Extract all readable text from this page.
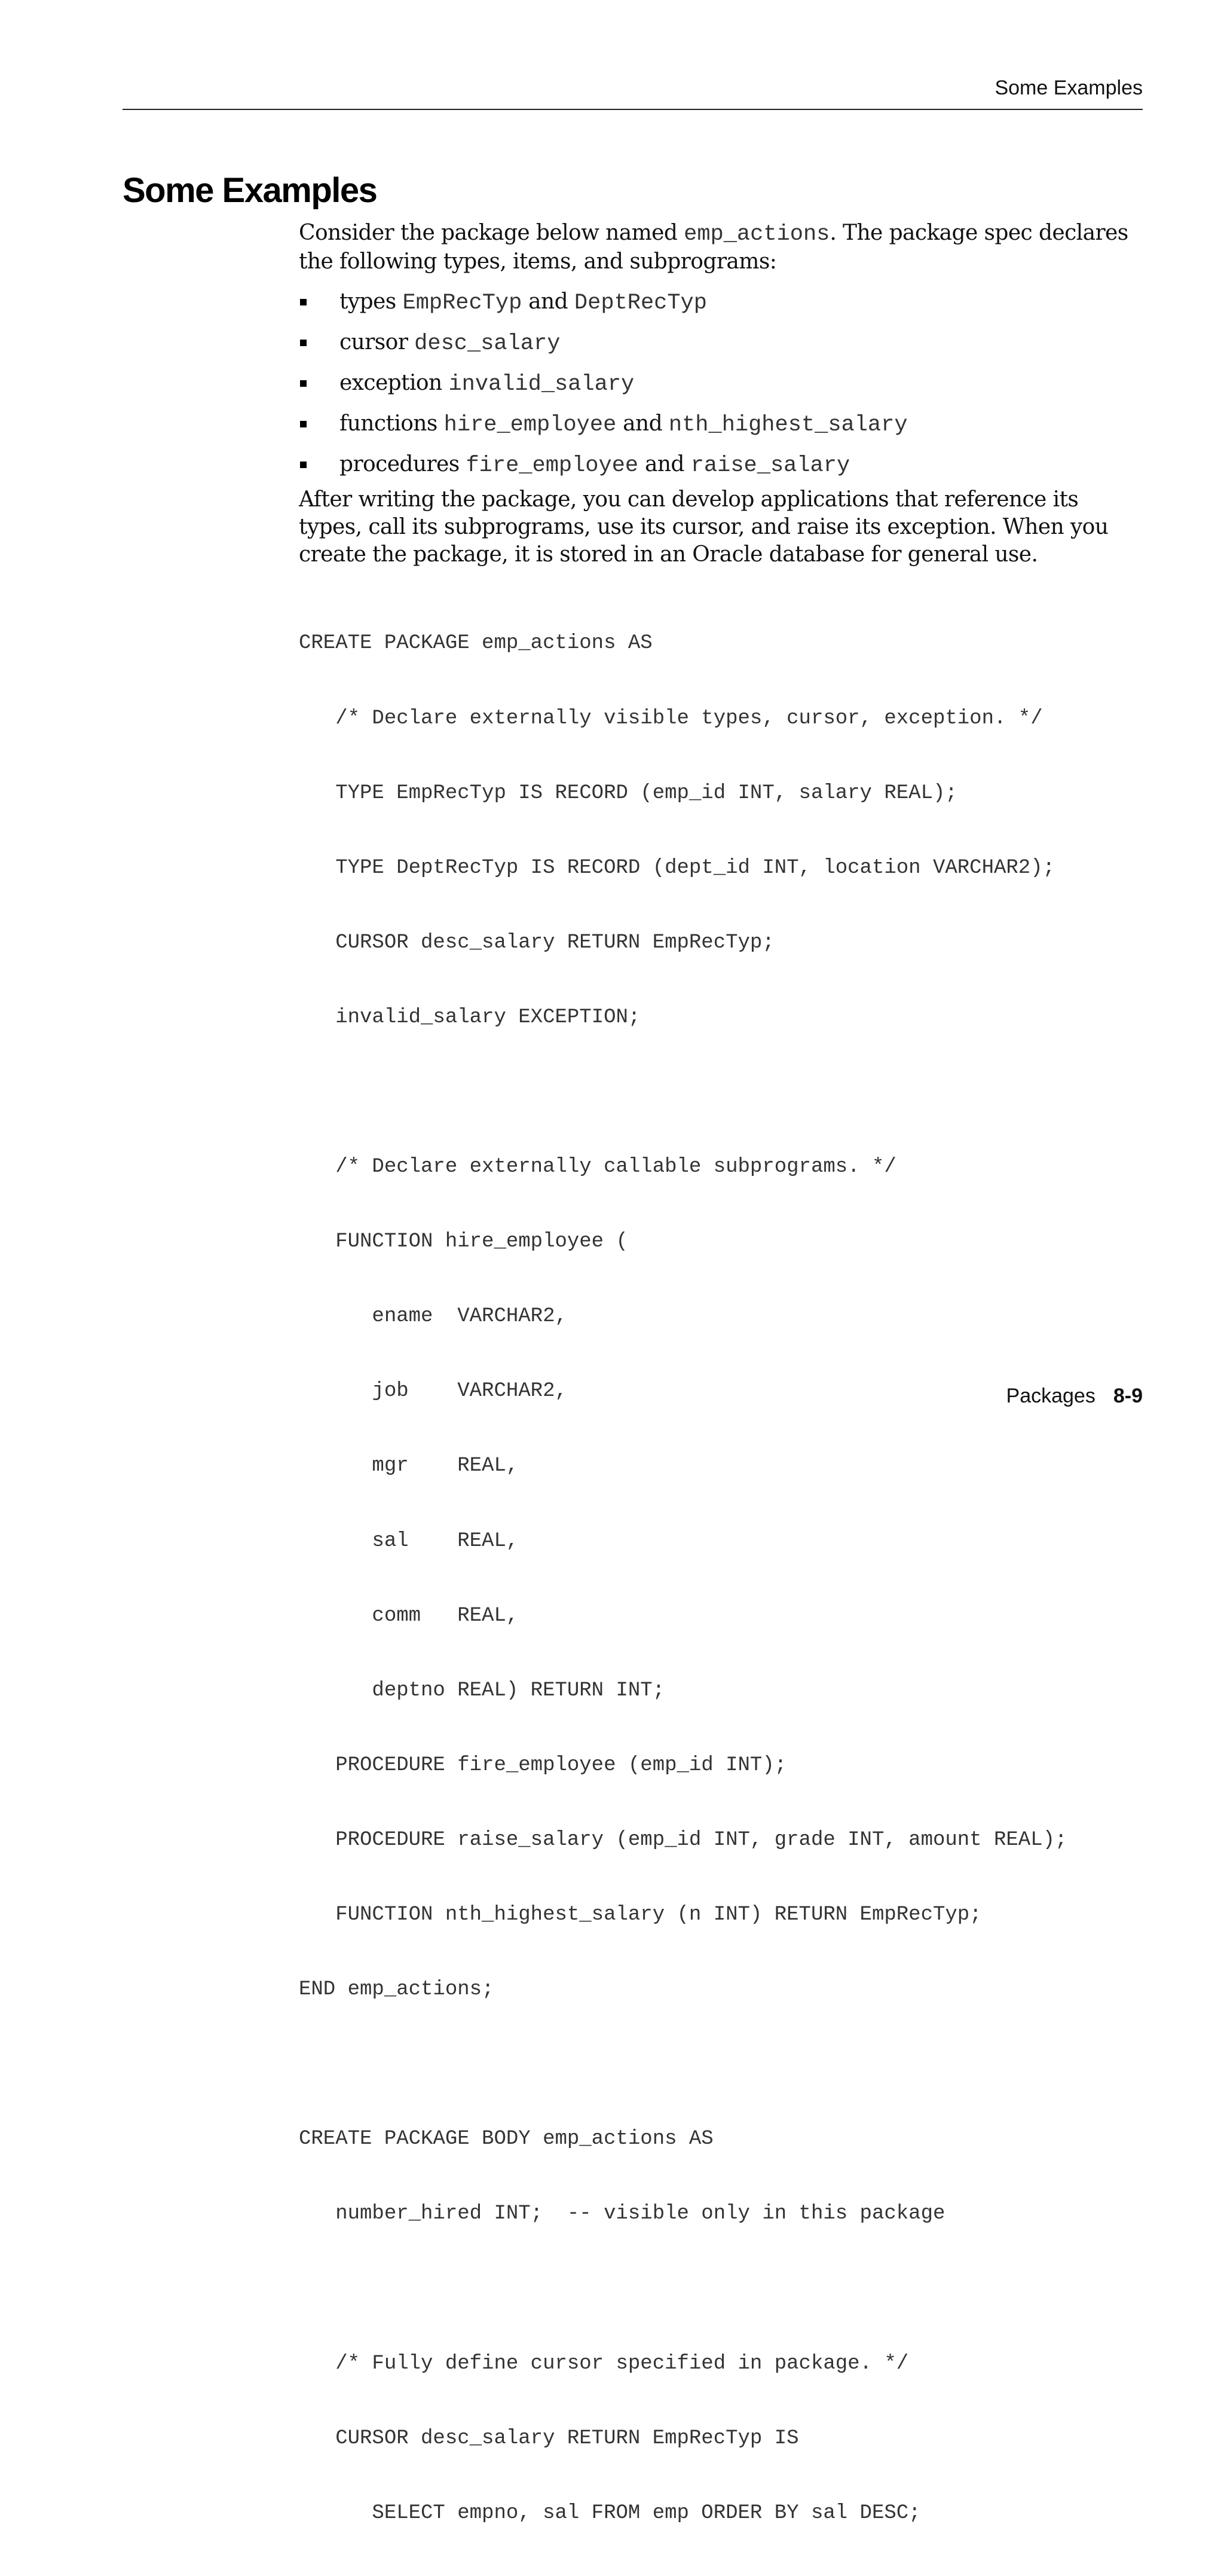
Some Examples
Some Examples

Consider the package below named emp_actions. The package spec declares the following types, items, and subprograms:

types EmpRecTyp and DeptRecTyp
cursor desc_salary
exception invalid_salary
functions hire_employee and nth_highest_salary
procedures fire_employee and raise_salary

After writing the package, you can develop applications that reference its types, call its subprograms, use its cursor, and raise its exception. When you create the package, it is stored in an Oracle database for general use.

CREATE PACKAGE emp_actions AS

/* Declare externally visible types, cursor, exception. */

TYPE EmpRecTyp IS RECORD (emp_id INT, salary REAL);

TYPE DeptRecTyp IS RECORD (dept_id INT, location VARCHAR2);

CURSOR desc_salary RETURN EmpRecTyp;

invalid_salary EXCEPTION;

/* Declare externally callable subprograms. */

FUNCTION hire_employee (

ename  VARCHAR2,

job    VARCHAR2,

mgr    REAL,

sal    REAL,

comm   REAL,

deptno REAL) RETURN INT;

PROCEDURE fire_employee (emp_id INT);

PROCEDURE raise_salary (emp_id INT, grade INT, amount REAL);

FUNCTION nth_highest_salary (n INT) RETURN EmpRecTyp;

END emp_actions;

CREATE PACKAGE BODY emp_actions AS

number_hired INT;  -- visible only in this package

/* Fully define cursor specified in package. */

CURSOR desc_salary RETURN EmpRecTyp IS

SELECT empno, sal FROM emp ORDER BY sal DESC;

Packages 8-9
